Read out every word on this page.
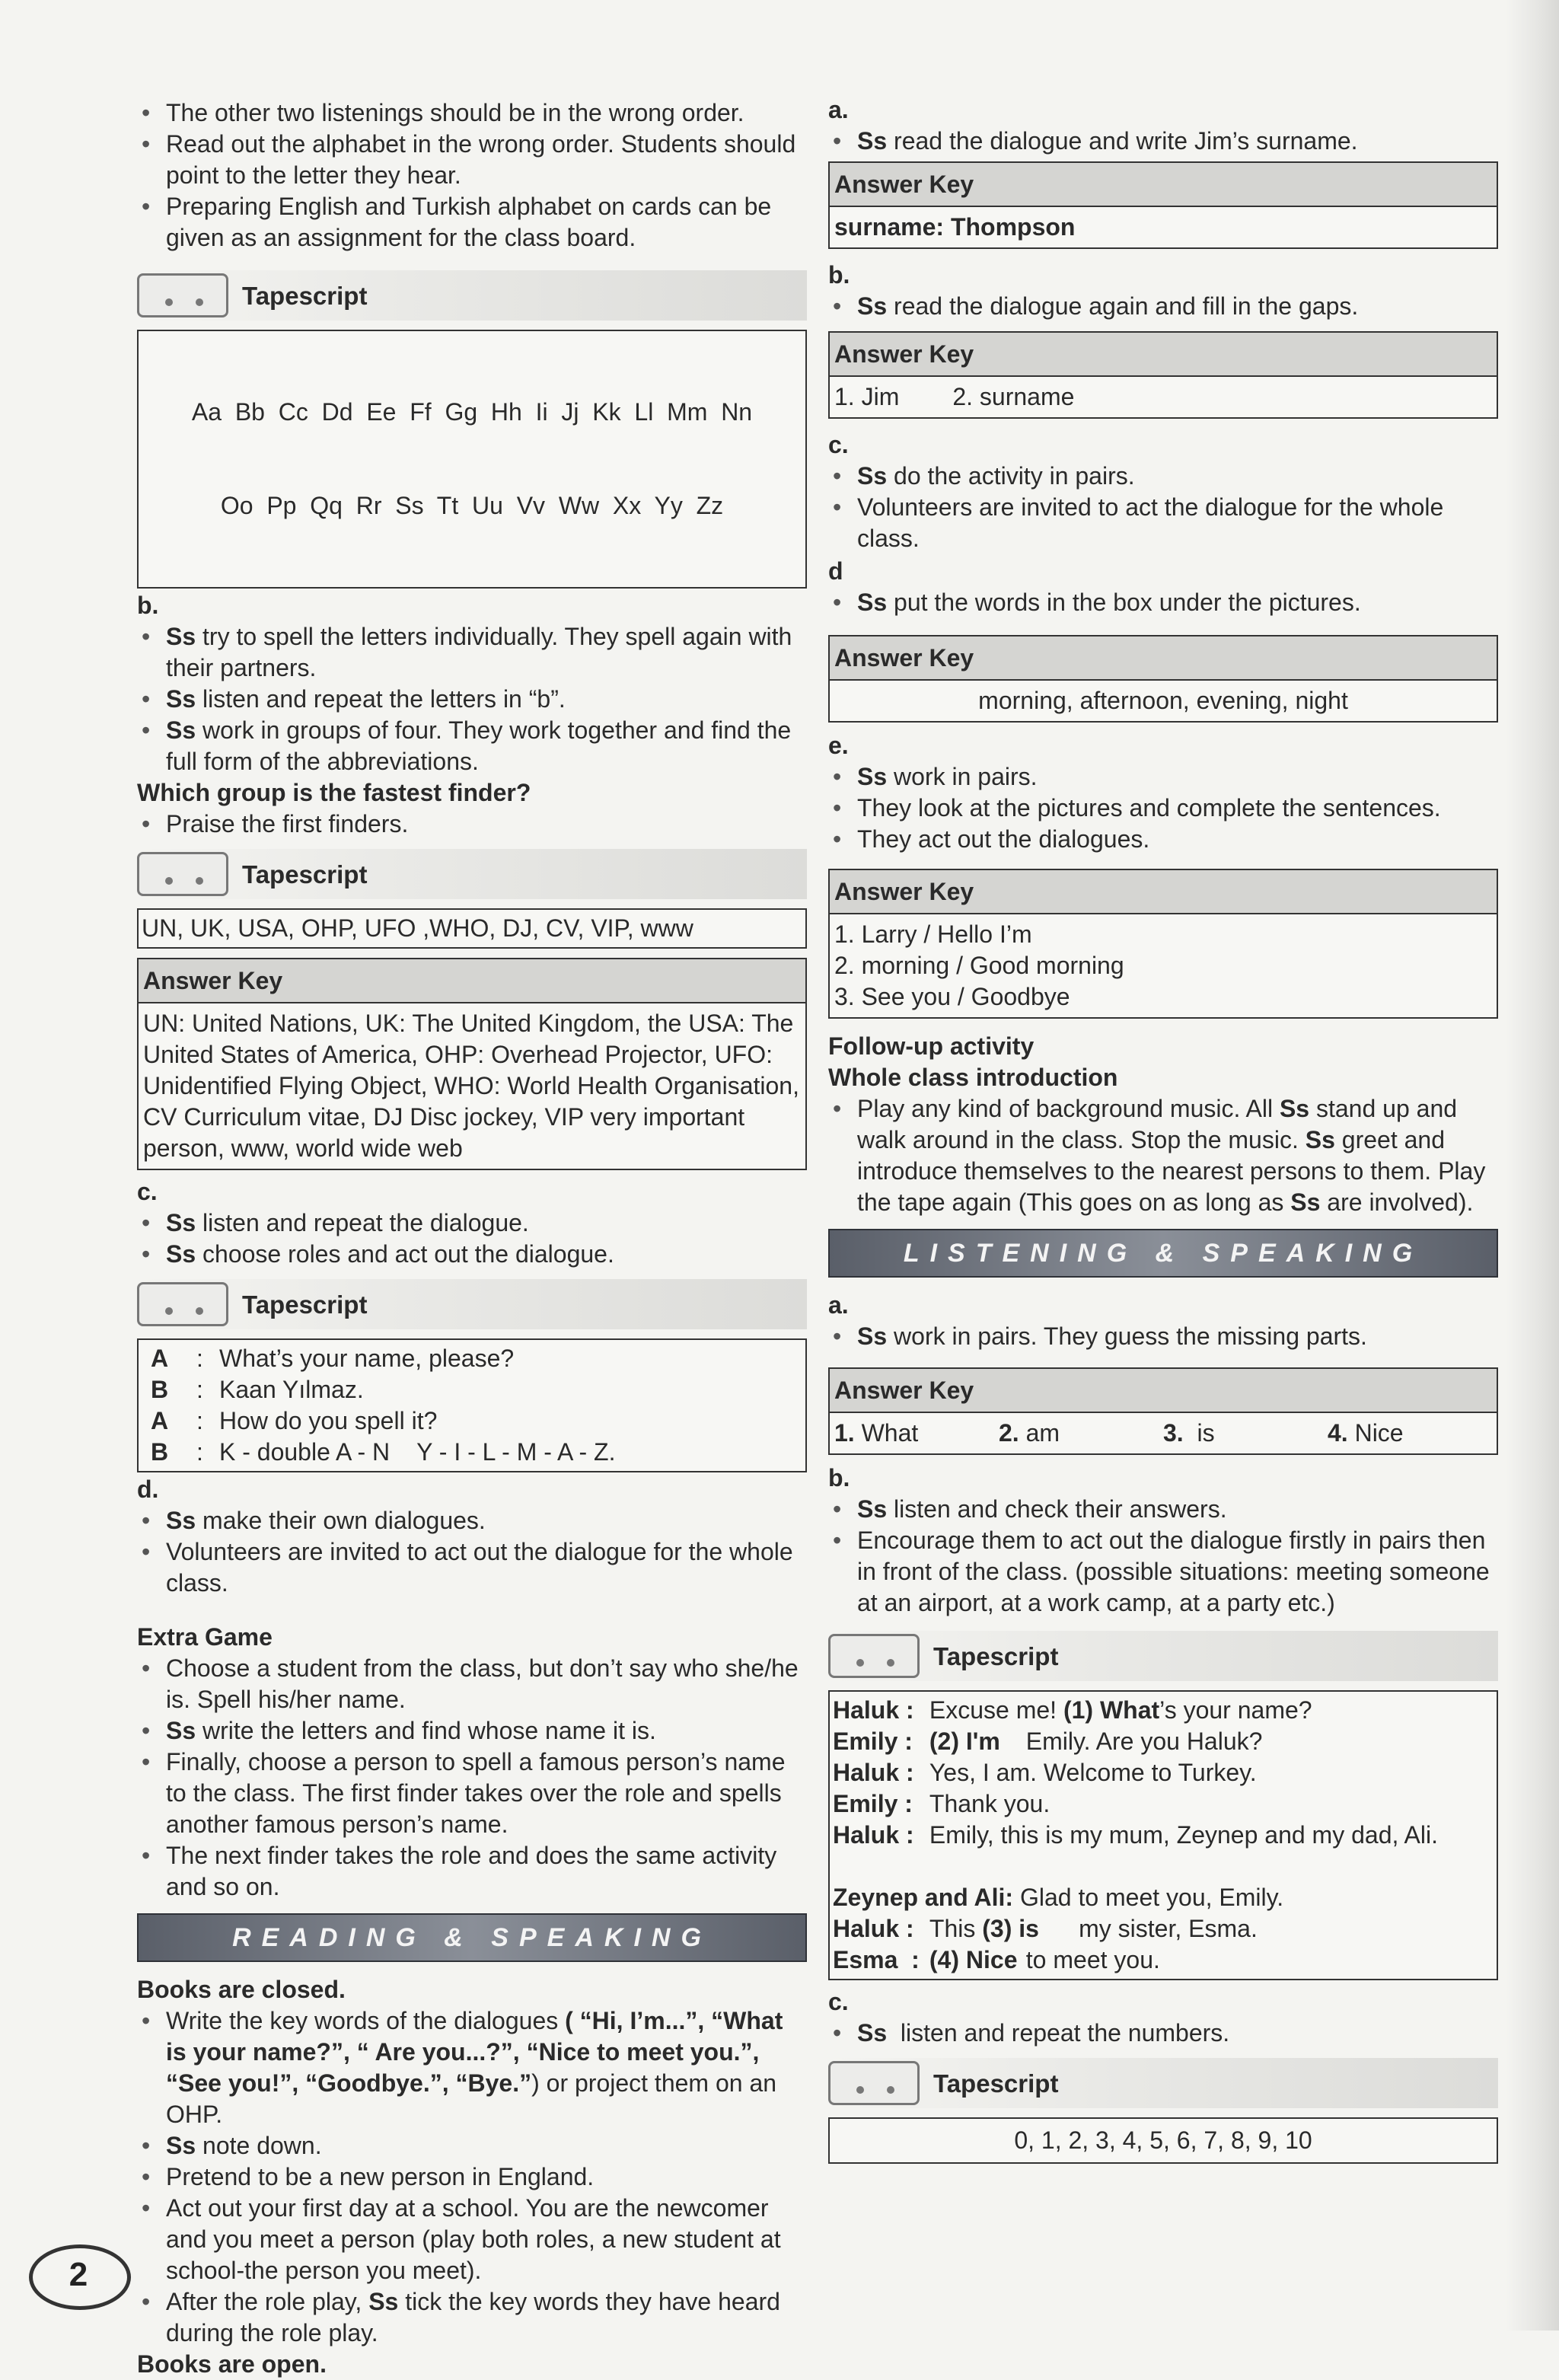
• The other two listenings should be in the wrong order.
• Read out the alphabet in the wrong order. Students should point to the letter they hear.
• Preparing English and Turkish alphabet on cards can be given as an assignment for the class board.
Tapescript

Aa  Bb  Cc  Dd  Ee  Ff  Gg  Hh  Ii  Jj  Kk  Ll  Mm  Nn

Oo  Pp  Qq  Rr  Ss  Tt  Uu  Vv  Ww  Xx  Yy  Zz

b.
• Ss try to spell the letters individually. They spell again with their partners.
• Ss listen and repeat the letters in “b”.
• Ss work in groups of four. They work together and find the full form of the abbreviations.
Which group is the fastest finder?
• Praise the first finders.
Tapescript
UN, UK, USA, OHP, UFO ,WHO, DJ, CV, VIP, www
Answer Key
UN: United Nations, UK: The United Kingdom, the USA: The United States of America, OHP: Overhead Projector, UFO: Unidentified Flying Object, WHO: World Health Organisation, CV Curriculum vitae, DJ Disc jockey, VIP very important person, www, world wide web
c.
• Ss listen and repeat the dialogue.
• Ss choose roles and act out the dialogue.
Tapescript
A	: What’s your name, please?
B	: Kaan Yılmaz.
A	: How do you spell it?
B	: K - double A - N    Y - I - L - M - A - Z.
d.
• Ss make their own dialogues.
• Volunteers are invited to act out the dialogue for the whole class.
Extra Game
• Choose a student from the class, but don’t say who she/he is. Spell his/her name.
• Ss write the letters and find whose name it is.
• Finally, choose a person to spell a famous person’s name to the class. The first finder takes over the role and spells another famous person’s name.
• The next finder takes the role and does the same activity and so on.
READING & SPEAKING
Books are closed.
• Write the key words of the dialogues ( “Hi, I’m...”, “What is your name?”, “ Are you...?”, “Nice to meet you.”, “See you!”, “Goodbye.”, “Bye.”) or project them on an OHP.
• Ss note down.
• Pretend to be a new person in England.
• Act out your first day at a school. You are the newcomer and you meet a person (play both roles, a new student at school-the person you meet).
• After the role play, Ss tick the key words they have heard during the role play.
Books are open.
a.
• Ss read the dialogue and write Jim’s surname.
Answer Key
surname: Thompson
b.
• Ss read the dialogue again and fill in the gaps.
Answer Key
1. Jim 2. surname
c.
• Ss do the activity in pairs.
• Volunteers are invited to act the dialogue for the whole class.
d
• Ss put the words in the box under the pictures.
Answer Key
morning, afternoon, evening, night
e.
• Ss work in pairs.
• They look at the pictures and complete the sentences.
• They act out the dialogues.
Answer Key
1. Larry / Hello I’m
2. morning / Good morning
3. See you / Goodbye
Follow-up activity
Whole class introduction
• Play any kind of background music. All Ss stand up and walk around in the class. Stop the music. Ss greet and introduce themselves to the nearest persons to them. Play the tape again (This goes on as long as Ss are involved).
LISTENING & SPEAKING
a.
• Ss work in pairs. They guess the missing parts.
Answer Key
1. What	2. am	3.  is	4. Nice
b.
• Ss listen and check their answers.
• Encourage them to act out the dialogue firstly in pairs then in front of the class. (possible situations: meeting someone at an airport, at a work camp, at a party etc.)
Tapescript
Haluk :
Excuse me! (1) What’s your name?
Emily :
(2) I'm Emily. Are you Haluk?
Haluk :
Yes, I am. Welcome to Turkey.
Emily :
Thank you.
Haluk :
Emily, this is my mum, Zeynep and my dad, Ali.
Zeynep and Ali: Glad to meet you, Emily.
Haluk :
This (3) is my sister, Esma.
Esma  :
(4) Nice to meet you.
c.
• Ss  listen and repeat the numbers.
Tapescript
0, 1, 2, 3, 4, 5, 6, 7, 8, 9, 10
2
